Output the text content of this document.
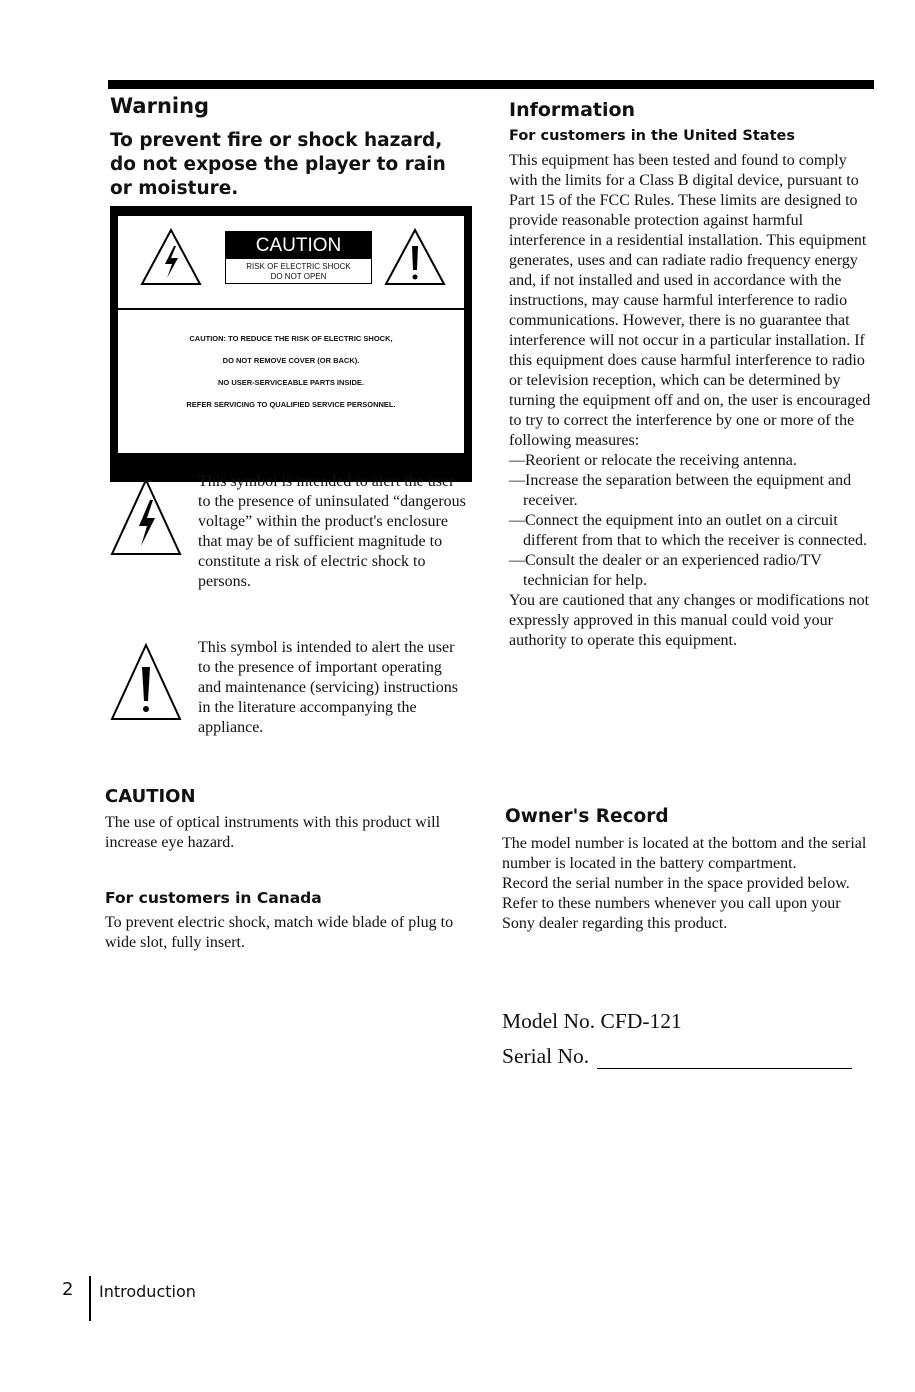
Warning
To prevent fire or shock hazard, do not expose the player to rain or moisture.
CAUTION
RISK OF ELECTRIC SHOCK
DO NOT OPEN
CAUTION: TO REDUCE THE RISK OF ELECTRIC SHOCK,
DO NOT REMOVE COVER (OR BACK).
NO USER-SERVICEABLE PARTS INSIDE.
REFER SERVICING TO QUALIFIED SERVICE PERSONNEL.
This symbol is intended to alert the user to the presence of uninsulated “dangerous voltage” within the product's enclosure that may be of sufficient magnitude to constitute a risk of electric shock to persons.
This symbol is intended to alert the user to the presence of important operating and maintenance (servicing) instructions in the literature accompanying the appliance.
CAUTION
The use of optical instruments with this product will increase eye hazard.
For customers in Canada
To prevent electric shock, match wide blade of plug to wide slot, fully insert.
Information
For customers in the United States

This equipment has been tested and found to comply with the limits for a Class B digital device, pursuant to Part 15 of the FCC Rules. These limits are designed to provide reasonable protection against harmful interference in a residential installation. This equipment generates, uses and can radiate radio frequency energy and, if not installed and used in accordance with the instructions, may cause harmful interference to radio communications. However, there is no guarantee that interference will not occur in a particular installation. If this equipment does cause harmful interference to radio or television reception, which can be determined by turning the equipment off and on, the user is encouraged to try to correct the interference by one or more of the following measures:

—Reorient or relocate the receiving antenna.

—Increase the separation between the equipment and receiver.

—Connect the equipment into an outlet on a circuit different from that to which the receiver is connected.

—Consult the dealer or an experienced radio/TV technician for help.

You are cautioned that any changes or modifications not expressly approved in this manual could void your authority to operate this equipment.

Owner's Record
The model number is located at the bottom and the serial number is located in the battery compartment.
Record the serial number in the space provided below. Refer to these numbers whenever you call upon your Sony dealer regarding this product.
Model No. CFD-121
Serial No.
2 Introduction
